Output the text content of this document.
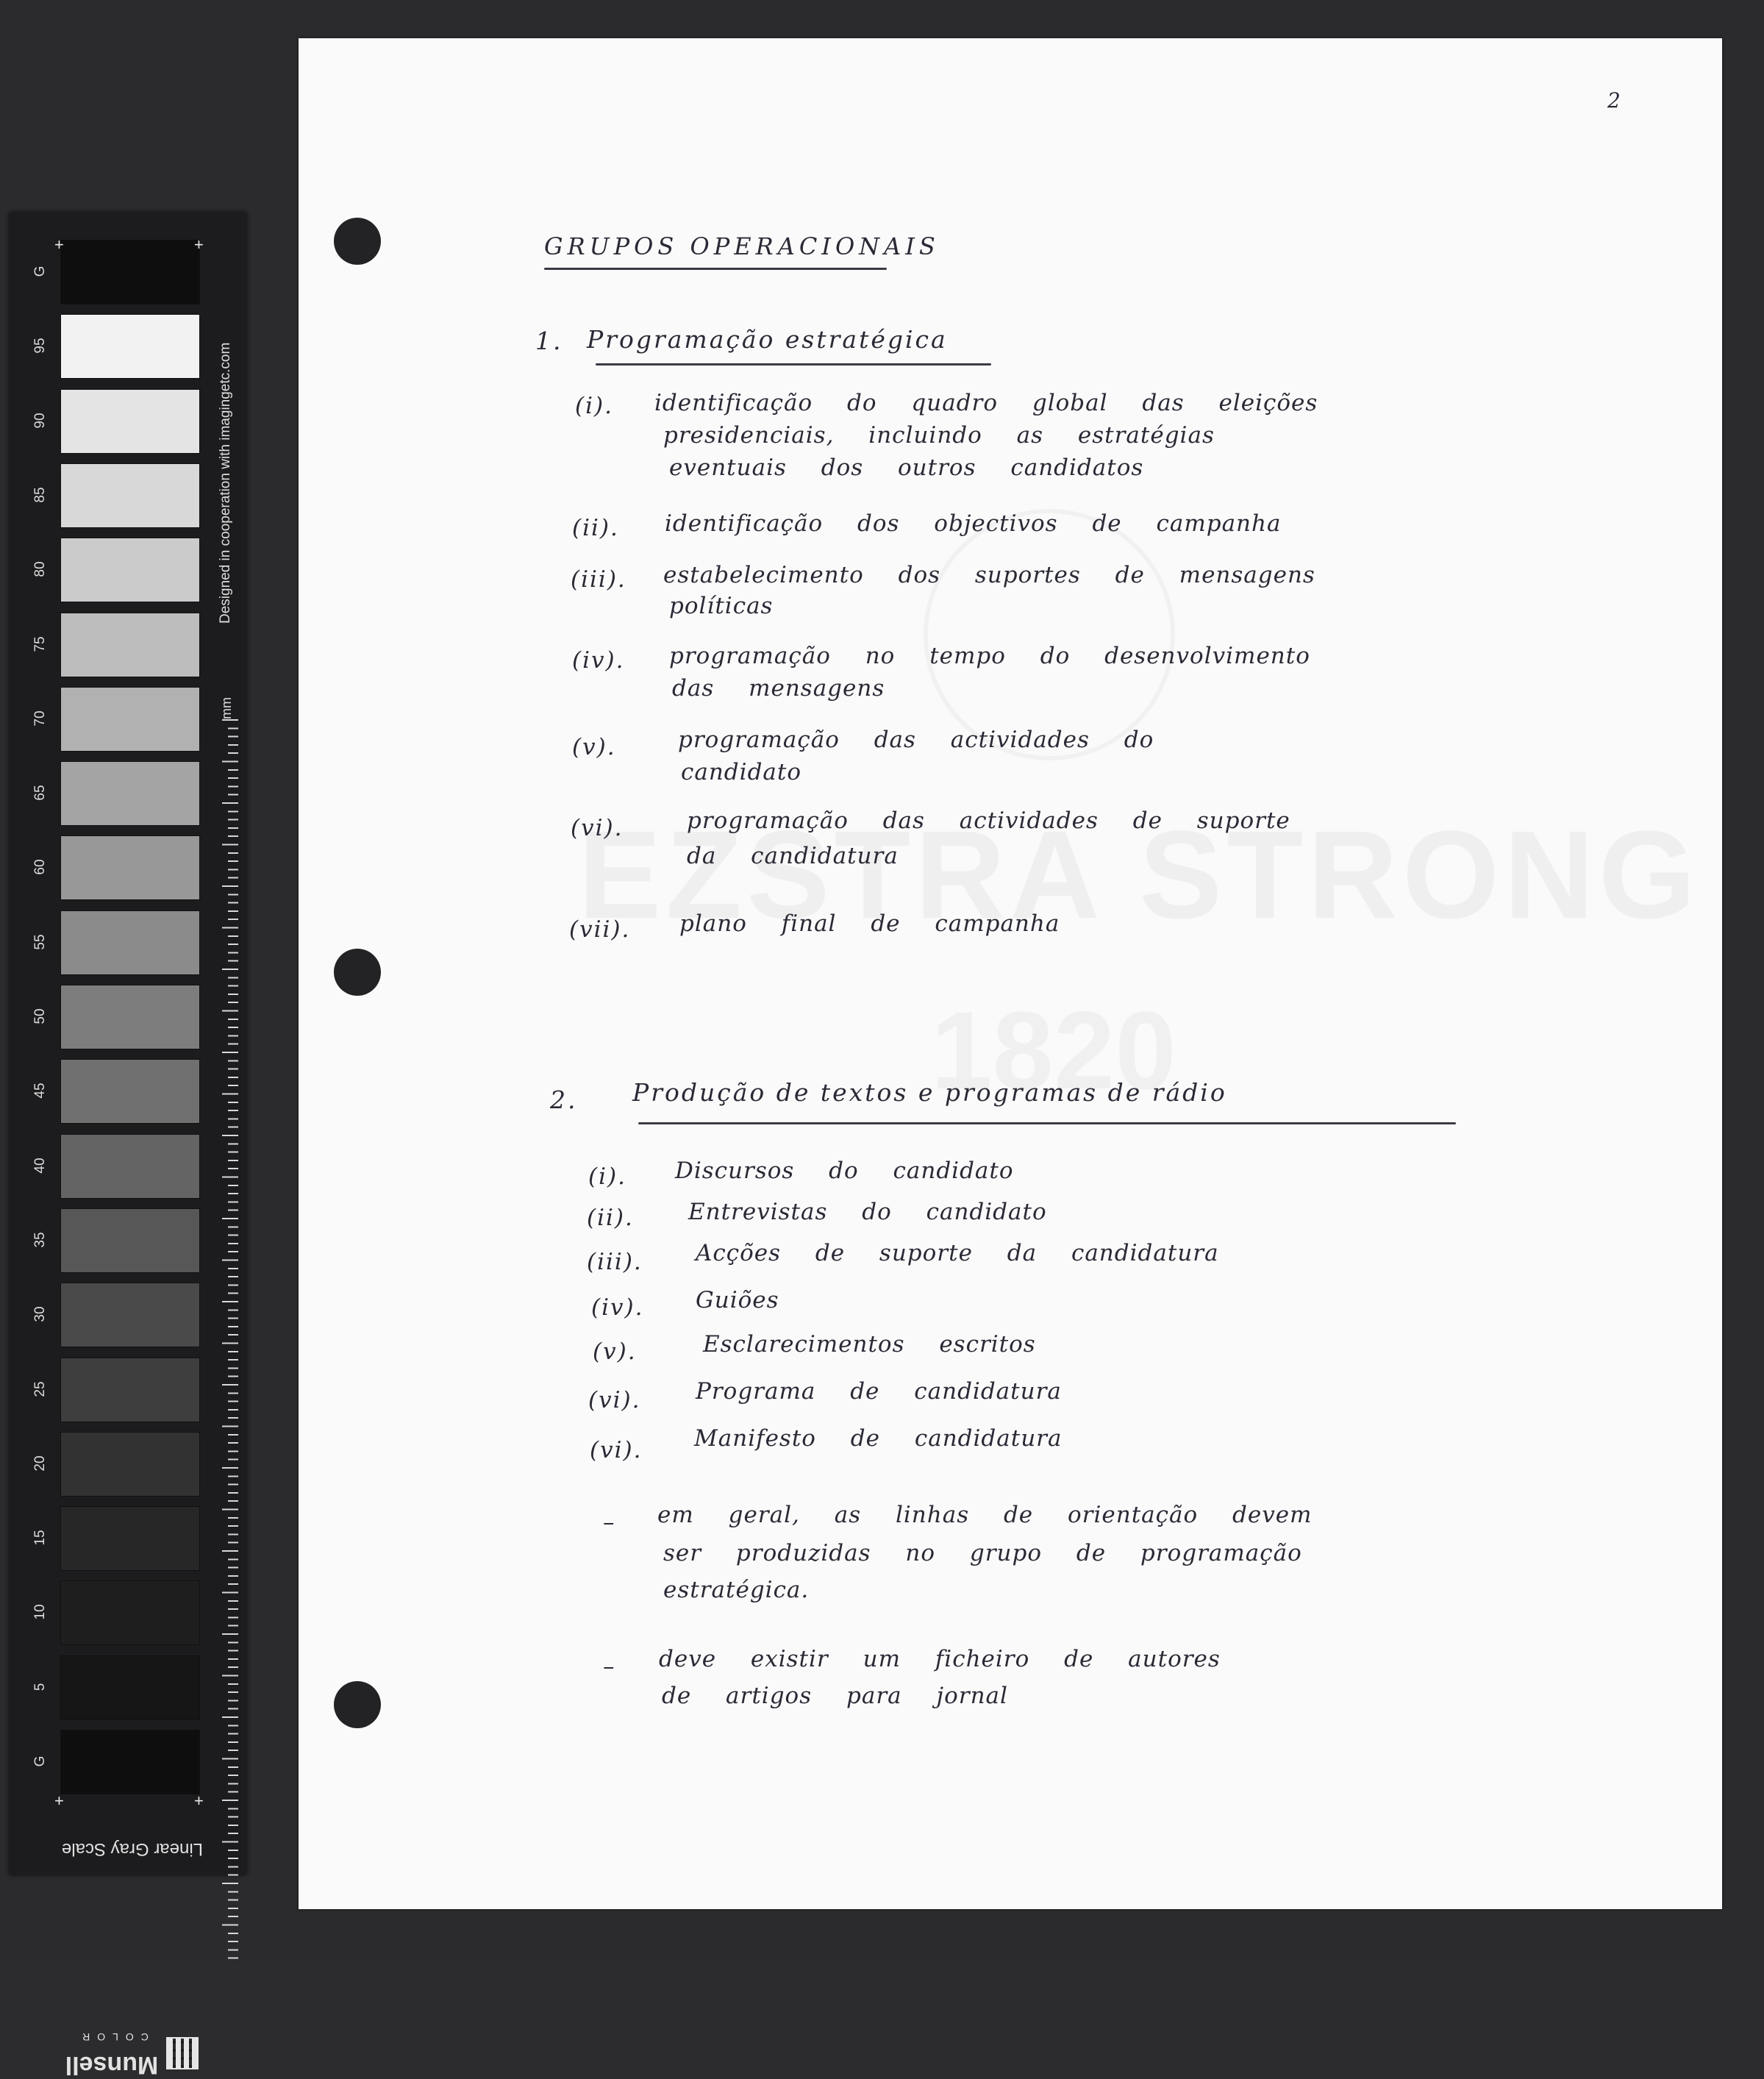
G
95
90
85
80
75
70
65
60
55
50
45
40
35
30
25
20
15
10
5
G
+	+
+	+
Designed in cooperation with imagingetc.com
mm
Linear Gray Scale
Munsell
COLOR
2
GRUPOS OPERACIONAIS
1. Programação estratégica
(i). identificação do quadro global das eleições
presidenciais, incluindo as estratégias
eventuais dos outros candidatos
(ii). identificação dos objectivos de campanha
(iii). estabelecimento dos suportes de mensagens
políticas
(iv). programação no tempo do desenvolvimento
das mensagens
(v).	programação das actividades do
candidato
(vi).	programação das actividades de suporte
da candidatura
(vii). plano final de campanha
2. Produção de textos e programas de rádio
(i). Discursos do candidato
(ii). Entrevistas do candidato
(iii). Acções de suporte da candidatura
(iv). Guiões
(v).	Esclarecimentos escritos
(vi). Programa de candidatura
(vi). Manifesto de candidatura
– em geral, as linhas de orientação devem
ser produzidas no grupo de programação
estratégica.
– deve existir um ficheiro de autores
de artigos para jornal
